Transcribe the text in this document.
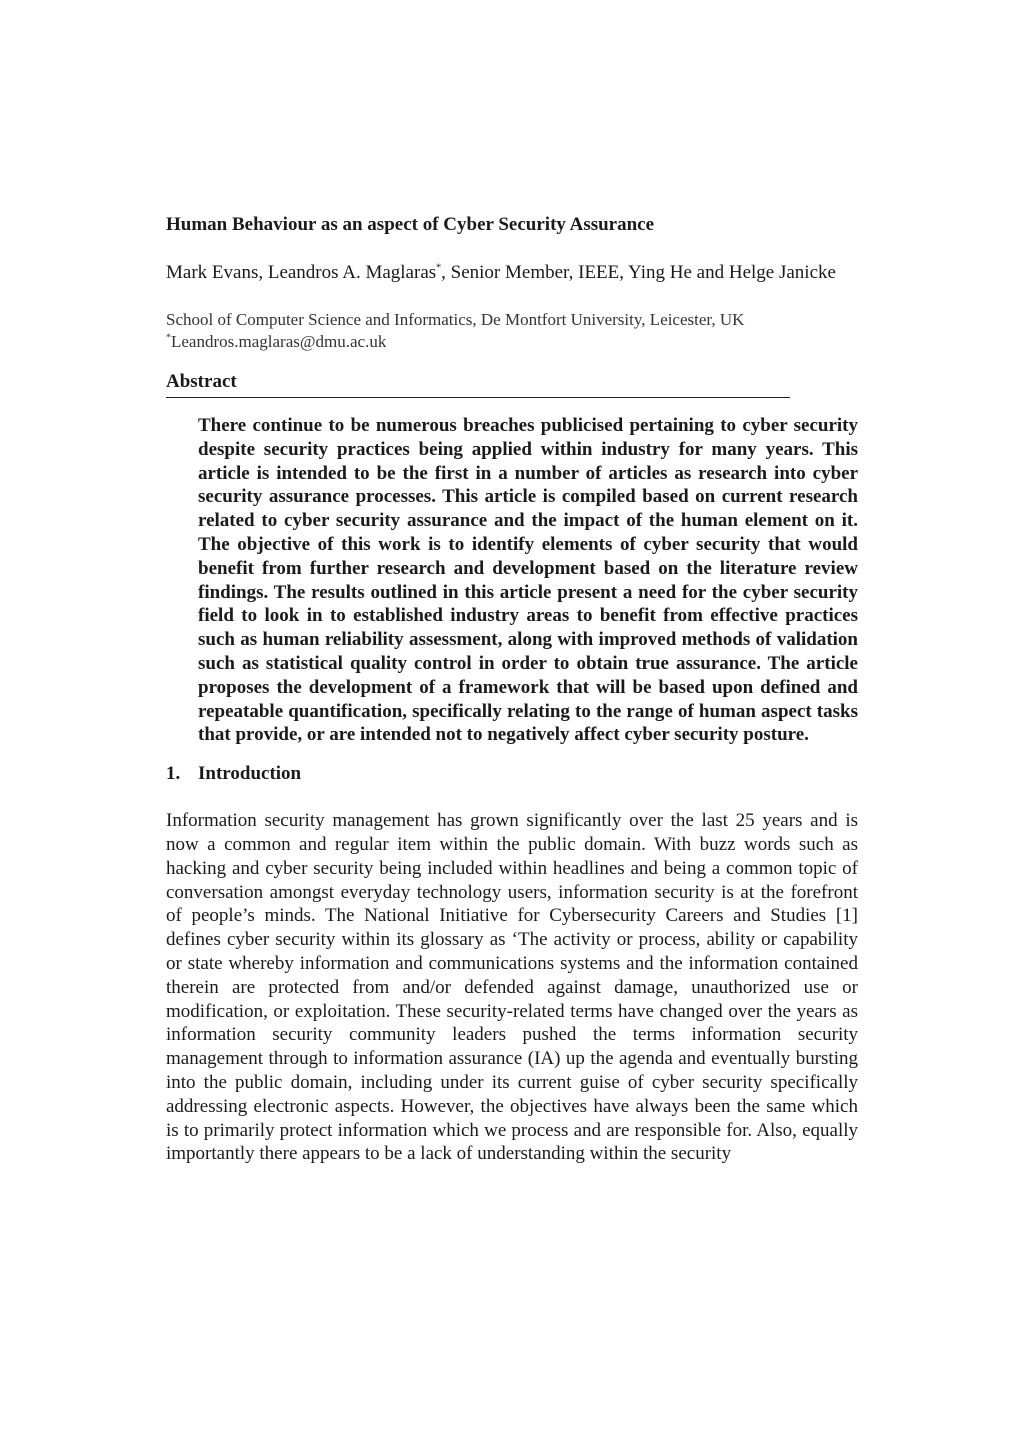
Human Behaviour as an aspect of Cyber Security Assurance
Mark Evans, Leandros A. Maglaras*, Senior Member, IEEE, Ying He and Helge Janicke
School of Computer Science and Informatics, De Montfort University, Leicester, UK
*Leandros.maglaras@dmu.ac.uk
Abstract

There continue to be numerous breaches publicised pertaining to cyber security despite security practices being applied within industry for many years. This article is intended to be the first in a number of articles as research into cyber security assurance processes. This article is compiled based on current research related to cyber security assurance and the impact of the human element on it. The objective of this work is to identify elements of cyber security that would benefit from further research and development based on the literature review findings. The results outlined in this article present a need for the cyber security field to look in to established industry areas to benefit from effective practices such as human reliability assessment, along with improved methods of validation such as statistical quality control in order to obtain true assurance. The article proposes the development of a framework that will be based upon defined and repeatable quantification, specifically relating to the range of human aspect tasks that provide, or are intended not to negatively affect cyber security posture.

1. Introduction

Information security management has grown significantly over the last 25 years and is now a common and regular item within the public domain. With buzz words such as hacking and cyber security being included within headlines and being a common topic of conversation amongst everyday technology users, information security is at the forefront of people’s minds. The National Initiative for Cybersecurity Careers and Studies [1] defines cyber security within its glossary as ‘The activity or process, ability or capability or state whereby information and communications systems and the information contained therein are protected from and/or defended against damage, unauthorized use or modification, or exploitation. These security-related terms have changed over the years as information security community leaders pushed the terms information security management through to information assurance (IA) up the agenda and eventually bursting into the public domain, including under its current guise of cyber security specifically addressing electronic aspects. However, the objectives have always been the same which is to primarily protect information which we process and are responsible for. Also, equally importantly there appears to be a lack of understanding within the security
